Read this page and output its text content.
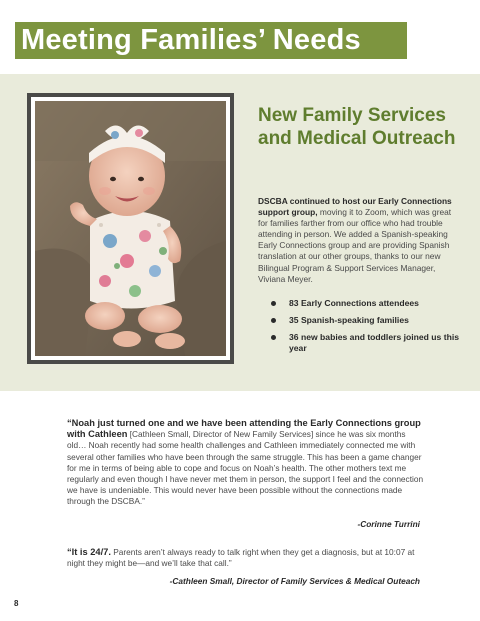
Meeting Families’ Needs
New Family Services and Medical Outreach

DSCBA continued to host our Early Connections support group, moving it to Zoom, which was great for families farther from our office who had trouble attending in person. We added a Spanish-speaking Early Connections group and are providing Spanish translation at our other groups, thanks to our new Bilingual Program & Support Services Manager, Viviana Meyer.

83 Early Connections attendees
35 Spanish-speaking families
36 new babies and toddlers joined us this year

“Noah just turned one and we have been attending the Early Connections group with Cathleen [Cathleen Small, Director of New Family Services] since he was six months old… Noah recently had some health challenges and Cathleen immediately connected me with several other families who have been through the same struggle. This has been a game changer for me in terms of being able to cope and focus on Noah’s health. The other mothers text me regularly and even though I have never met them in person, the support I feel and the connection we have is undeniable. This would never have been possible without the connections made through the DSCBA.”

-Corinne Turrini

“It is 24/7. Parents aren’t always ready to talk right when they get a diagnosis, but at 10:07 at night they might be—and we’ll take that call.”

-Cathleen Small, Director of Family Services & Medical Outeach
8
